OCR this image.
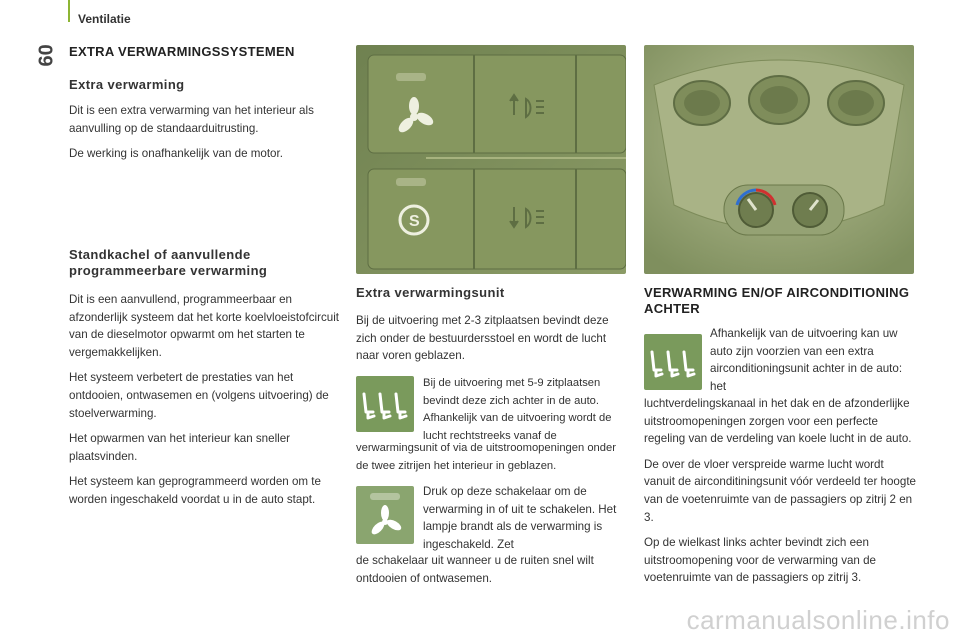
60
Ventilatie
EXTRA VERWARMINGSSYSTEMEN
Extra verwarming

Dit is een extra verwarming van het interieur als aanvulling op de standaarduitrusting.

De werking is onafhankelijk van de motor.

Standkachel of aanvullende programmeerbare verwarming

Dit is een aanvullend, programmeerbaar en afzonderlijk systeem dat het korte koelvloeistofcircuit van de dieselmotor opwarmt om het starten te vergemakkelijken.

Het systeem verbetert de prestaties van het ontdooien, ontwasemen en (volgens uitvoering) de stoelverwarming.

Het opwarmen van het interieur kan sneller plaatsvinden.

Het systeem kan geprogrammeerd worden om te worden ingeschakeld voordat u in de auto stapt.

S
Extra verwarmingsunit

Bij de uitvoering met 2-3 zitplaatsen bevindt deze zich onder de bestuurdersstoel en wordt de lucht naar voren geblazen.

Bij de uitvoering met 5-9 zitplaatsen bevindt deze zich achter in de auto. Afhankelijk van de uitvoering wordt de lucht rechtstreeks vanaf de

verwarmingsunit of via de uitstroomopeningen onder de twee zitrijen het interieur in geblazen.

Druk op deze schakelaar om de verwarming in of uit te schakelen. Het lampje brandt als de verwarming is ingeschakeld. Zet

de schakelaar uit wanneer u de ruiten snel wilt ontdooien of ontwasemen.

VERWARMING EN/OF AIRCONDITIONING ACHTER

Afhankelijk van de uitvoering kan uw auto zijn voorzien van een extra airconditioningsunit achter in de auto: het

luchtverdelingskanaal in het dak en de afzonderlijke uitstroomopeningen zorgen voor een perfecte regeling van de verdeling van koele lucht in de auto.

De over de vloer verspreide warme lucht wordt vanuit de airconditiningsunit vóór verdeeld ter hoogte van de voetenruimte van de passagiers op zitrij 2 en 3.

Op de wielkast links achter bevindt zich een uitstroomopening voor de verwarming van de voetenruimte van de passagiers op zitrij 3.

carmanualsonline.info
